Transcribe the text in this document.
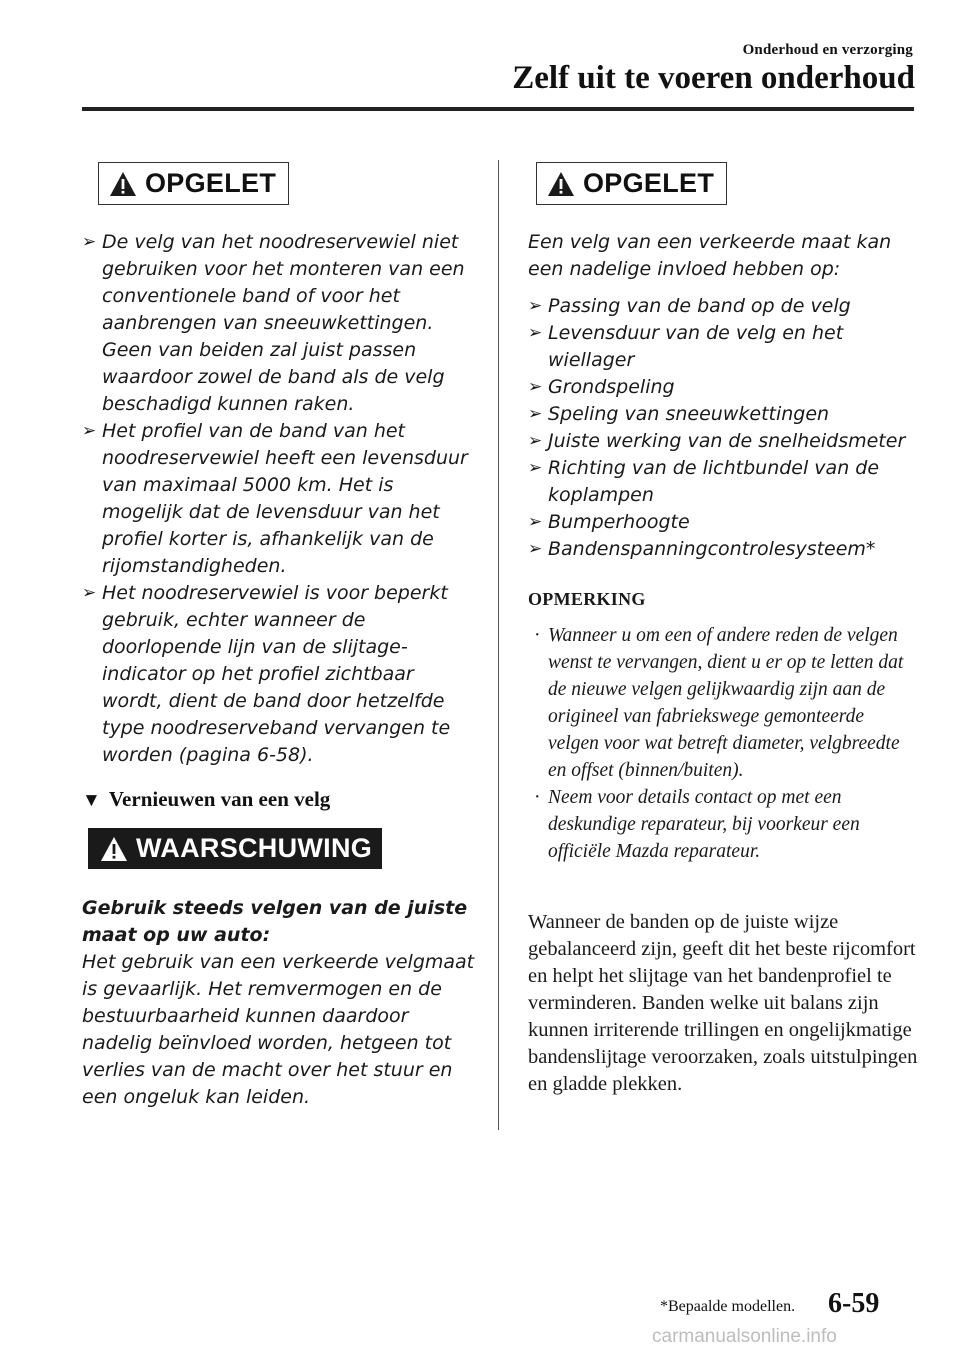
Onderhoud en verzorging
Zelf uit te voeren onderhoud
OPGELET
➢ De velg van het noodreservewiel niet gebruiken voor het monteren van een conventionele band of voor het aanbrengen van sneeuwkettingen. Geen van beiden zal juist passen waardoor zowel de band als de velg beschadigd kunnen raken.
➢ Het profiel van de band van het noodreservewiel heeft een levensduur van maximaal 5000 km. Het is mogelijk dat de levensduur van het profiel korter is, afhankelijk van de rijomstandigheden.
➢ Het noodreservewiel is voor beperkt gebruik, echter wanneer de doorlopende lijn van de slijtage-indicator op het profiel zichtbaar wordt, dient de band door hetzelfde type noodreserveband vervangen te worden (pagina 6-58).
▼ Vernieuwen van een velg
WAARSCHUWING
Gebruik steeds velgen van de juiste maat op uw auto:
Het gebruik van een verkeerde velgmaat is gevaarlijk. Het remvermogen en de bestuurbaarheid kunnen daardoor nadelig beïnvloed worden, hetgeen tot verlies van de macht over het stuur en een ongeluk kan leiden.
OPGELET
Een velg van een verkeerde maat kan een nadelige invloed hebben op:
➢ Passing van de band op de velg
➢ Levensduur van de velg en het wiellager
➢ Grondspeling
➢ Speling van sneeuwkettingen
➢ Juiste werking van de snelheidsmeter
➢ Richting van de lichtbundel van de koplampen
➢ Bumperhoogte
➢ Bandenspanningcontrolesysteem*
OPMERKING
· Wanneer u om een of andere reden de velgen wenst te vervangen, dient u er op te letten dat de nieuwe velgen gelijkwaardig zijn aan de origineel van fabriekswege gemonteerde velgen voor wat betreft diameter, velgbreedte en offset (binnen/buiten).
· Neem voor details contact op met een deskundige reparateur, bij voorkeur een officiële Mazda reparateur.
Wanneer de banden op de juiste wijze gebalanceerd zijn, geeft dit het beste rijcomfort en helpt het slijtage van het bandenprofiel te verminderen. Banden welke uit balans zijn kunnen irriterende trillingen en ongelijkmatige bandenslijtage veroorzaken, zoals uitstulpingen en gladde plekken.
*Bepaalde modellen. 6-59
carmanualsonline.info
